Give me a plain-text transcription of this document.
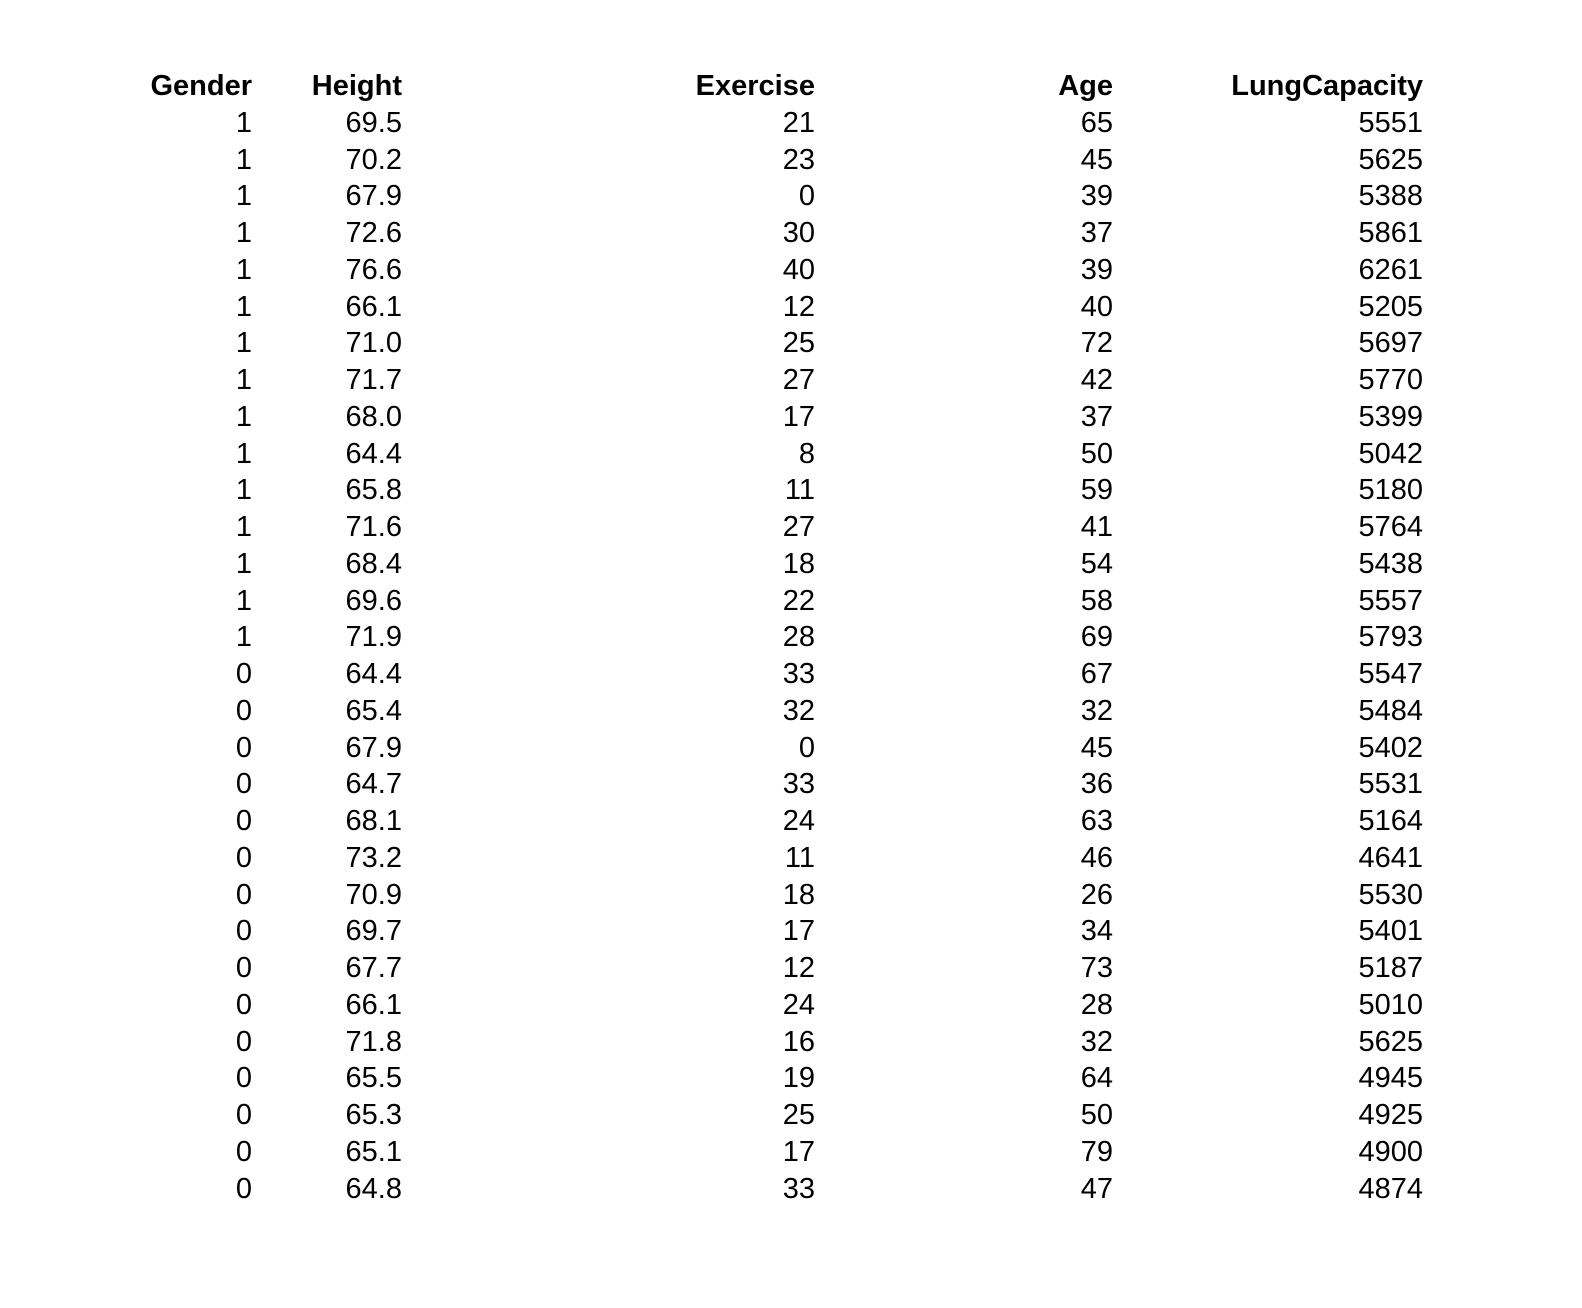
Gender	Height	Exercise	Age	LungCapacity
1	69.5	21	65	5551
1	70.2	23	45	5625
1	67.9	0	39	5388
1	72.6	30	37	5861
1	76.6	40	39	6261
1	66.1	12	40	5205
1	71.0	25	72	5697
1	71.7	27	42	5770
1	68.0	17	37	5399
1	64.4	8	50	5042
1	65.8	11	59	5180
1	71.6	27	41	5764
1	68.4	18	54	5438
1	69.6	22	58	5557
1	71.9	28	69	5793
0	64.4	33	67	5547
0	65.4	32	32	5484
0	67.9	0	45	5402
0	64.7	33	36	5531
0	68.1	24	63	5164
0	73.2	11	46	4641
0	70.9	18	26	5530
0	69.7	17	34	5401
0	67.7	12	73	5187
0	66.1	24	28	5010
0	71.8	16	32	5625
0	65.5	19	64	4945
0	65.3	25	50	4925
0	65.1	17	79	4900
0	64.8	33	47	4874
